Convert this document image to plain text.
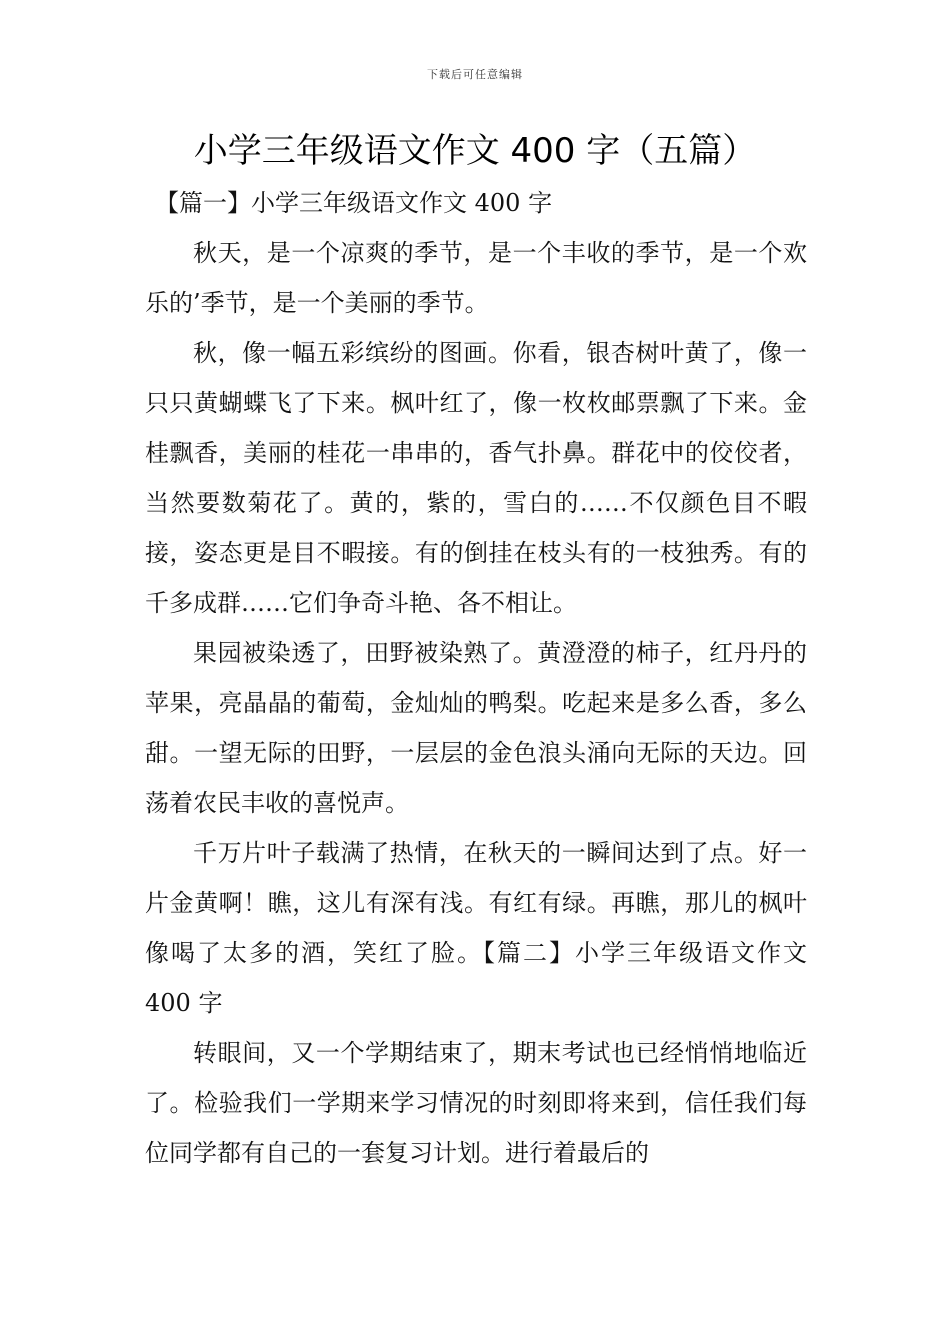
下载后可任意编辑
小学三年级语文作文 400 字（五篇）
【篇一】小学三年级语文作文 400 字

秋天，是一个凉爽的季节，是一个丰收的季节，是一个欢乐的’季节，是一个美丽的季节。

秋，像一幅五彩缤纷的图画。你看，银杏树叶黄了，像一只只黄蝴蝶飞了下来。枫叶红了，像一枚枚邮票飘了下来。金桂飘香，美丽的桂花一串串的，香气扑鼻。群花中的佼佼者，当然要数菊花了。黄的，紫的，雪白的……不仅颜色目不暇接，姿态更是目不暇接。有的倒挂在枝头有的一枝独秀。有的千多成群……它们争奇斗艳、各不相让。

果园被染透了，田野被染熟了。黄澄澄的柿子，红丹丹的苹果，亮晶晶的葡萄，金灿灿的鸭梨。吃起来是多么香，多么甜。一望无际的田野，一层层的金色浪头涌向无际的天边。回荡着农民丰收的喜悦声。

千万片叶子载满了热情，在秋天的一瞬间达到了点。好一片金黄啊！瞧，这儿有深有浅。有红有绿。再瞧，那儿的枫叶像喝了太多的酒，笑红了脸。【篇二】小学三年级语文作文 400 字

转眼间，又一个学期结束了，期末考试也已经悄悄地临近了。检验我们一学期来学习情况的时刻即将来到，信任我们每位同学都有自己的一套复习计划。进行着最后的
